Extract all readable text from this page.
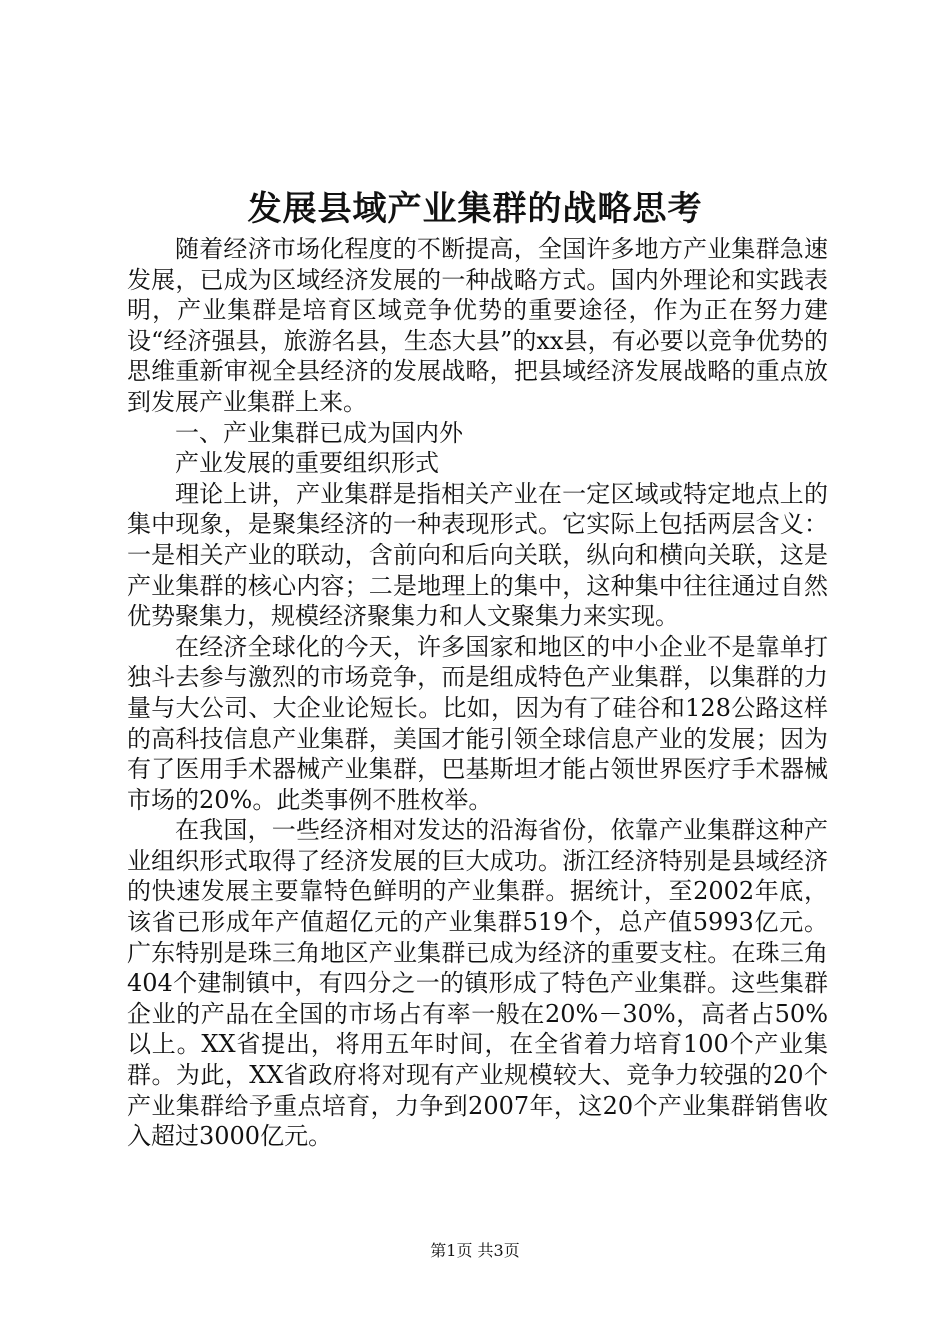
发展县域产业集群的战略思考

随着经济市场化程度的不断提高，全国许多地方产业集群急速发展，已成为区域经济发展的一种战略方式。国内外理论和实践表明，产业集群是培育区域竞争优势的重要途径，作为正在努力建设“经济强县，旅游名县，生态大县”的xx县，有必要以竞争优势的思维重新审视全县经济的发展战略，把县域经济发展战略的重点放到发展产业集群上来。

一、产业集群已成为国内外

产业发展的重要组织形式

理论上讲，产业集群是指相关产业在一定区域或特定地点上的集中现象，是聚集经济的一种表现形式。它实际上包括两层含义：一是相关产业的联动，含前向和后向关联，纵向和横向关联，这是产业集群的核心内容；二是地理上的集中，这种集中往往通过自然优势聚集力，规模经济聚集力和人文聚集力来实现。

在经济全球化的今天，许多国家和地区的中小企业不是靠单打独斗去参与激烈的市场竞争，而是组成特色产业集群，以集群的力量与大公司、大企业论短长。比如，因为有了硅谷和128公路这样的高科技信息产业集群，美国才能引领全球信息产业的发展；因为有了医用手术器械产业集群，巴基斯坦才能占领世界医疗手术器械市场的20%。此类事例不胜枚举。

在我国，一些经济相对发达的沿海省份，依靠产业集群这种产业组织形式取得了经济发展的巨大成功。浙江经济特别是县域经济的快速发展主要靠特色鲜明的产业集群。据统计，至2002年底，该省已形成年产值超亿元的产业集群519个，总产值5993亿元。广东特别是珠三角地区产业集群已成为经济的重要支柱。在珠三角404个建制镇中，有四分之一的镇形成了特色产业集群。这些集群企业的产品在全国的市场占有率一般在20%－30%，高者占50%以上。XX省提出，将用五年时间，在全省着力培育100个产业集群。为此，XX省政府将对现有产业规模较大、竞争力较强的20个产业集群给予重点培育，力争到2007年，这20个产业集群销售收入超过3000亿元。

第1页 共3页
